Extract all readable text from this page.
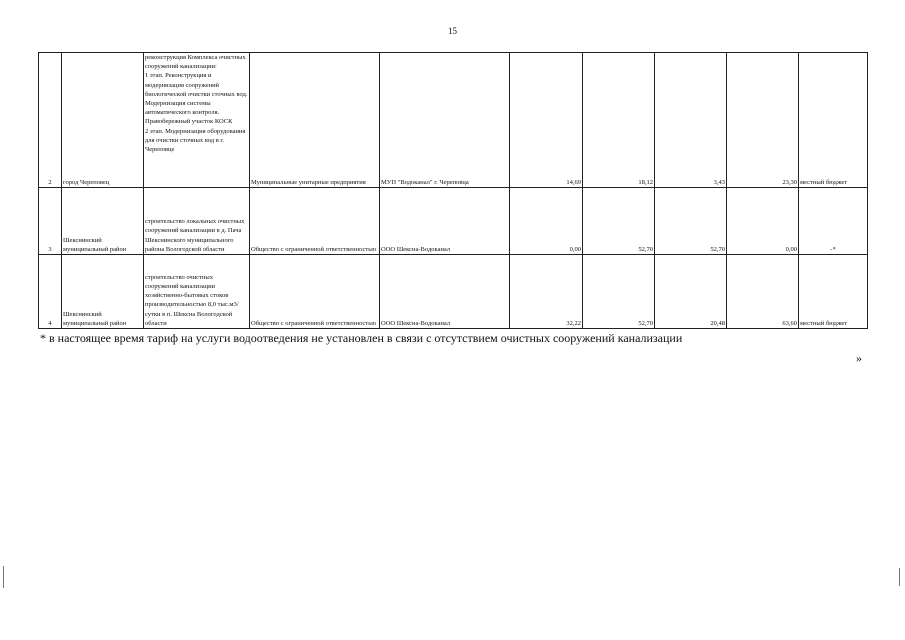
15
2	город Череповец	реконструкция Комплекса очистных сооружений канализации:
1 этап. Реконструкция и модернизация сооружений биологической очистки сточных вод. Модернизация системы автоматического контроля. Правобережный участок КОСК
2 этап. Модернизация оборудования для очистки сточных вод в г. Череповце	Муниципальные унитарные предприятия	МУП "Водоканал" г. Череповца	14,69	18,12	3,43	23,30	местный бюджет
3	Шекснинский муниципальный район	строительство локальных очистных сооружений канализации в д. Пача Шекснинского муниципального района Вологодской области	Общество с ограниченной ответственностью	ООО Шексна-Водоканал	0,00	52,70	52,70	0,00	-*
4	Шекснинский муниципальный район	строительство очистных сооружений канализации хозяйственно-бытовых стоков производительностью 8,0 тыс.м3/сутки в п. Шексна Вологодской области	Общество с ограниченной ответственностью	ООО Шексна-Водоканал	32,22	52,70	20,48	63,60	местный бюджет
* в настоящее время тариф на услуги водоотведения не установлен в связи с отсутствием очистных сооружений канализации
»
